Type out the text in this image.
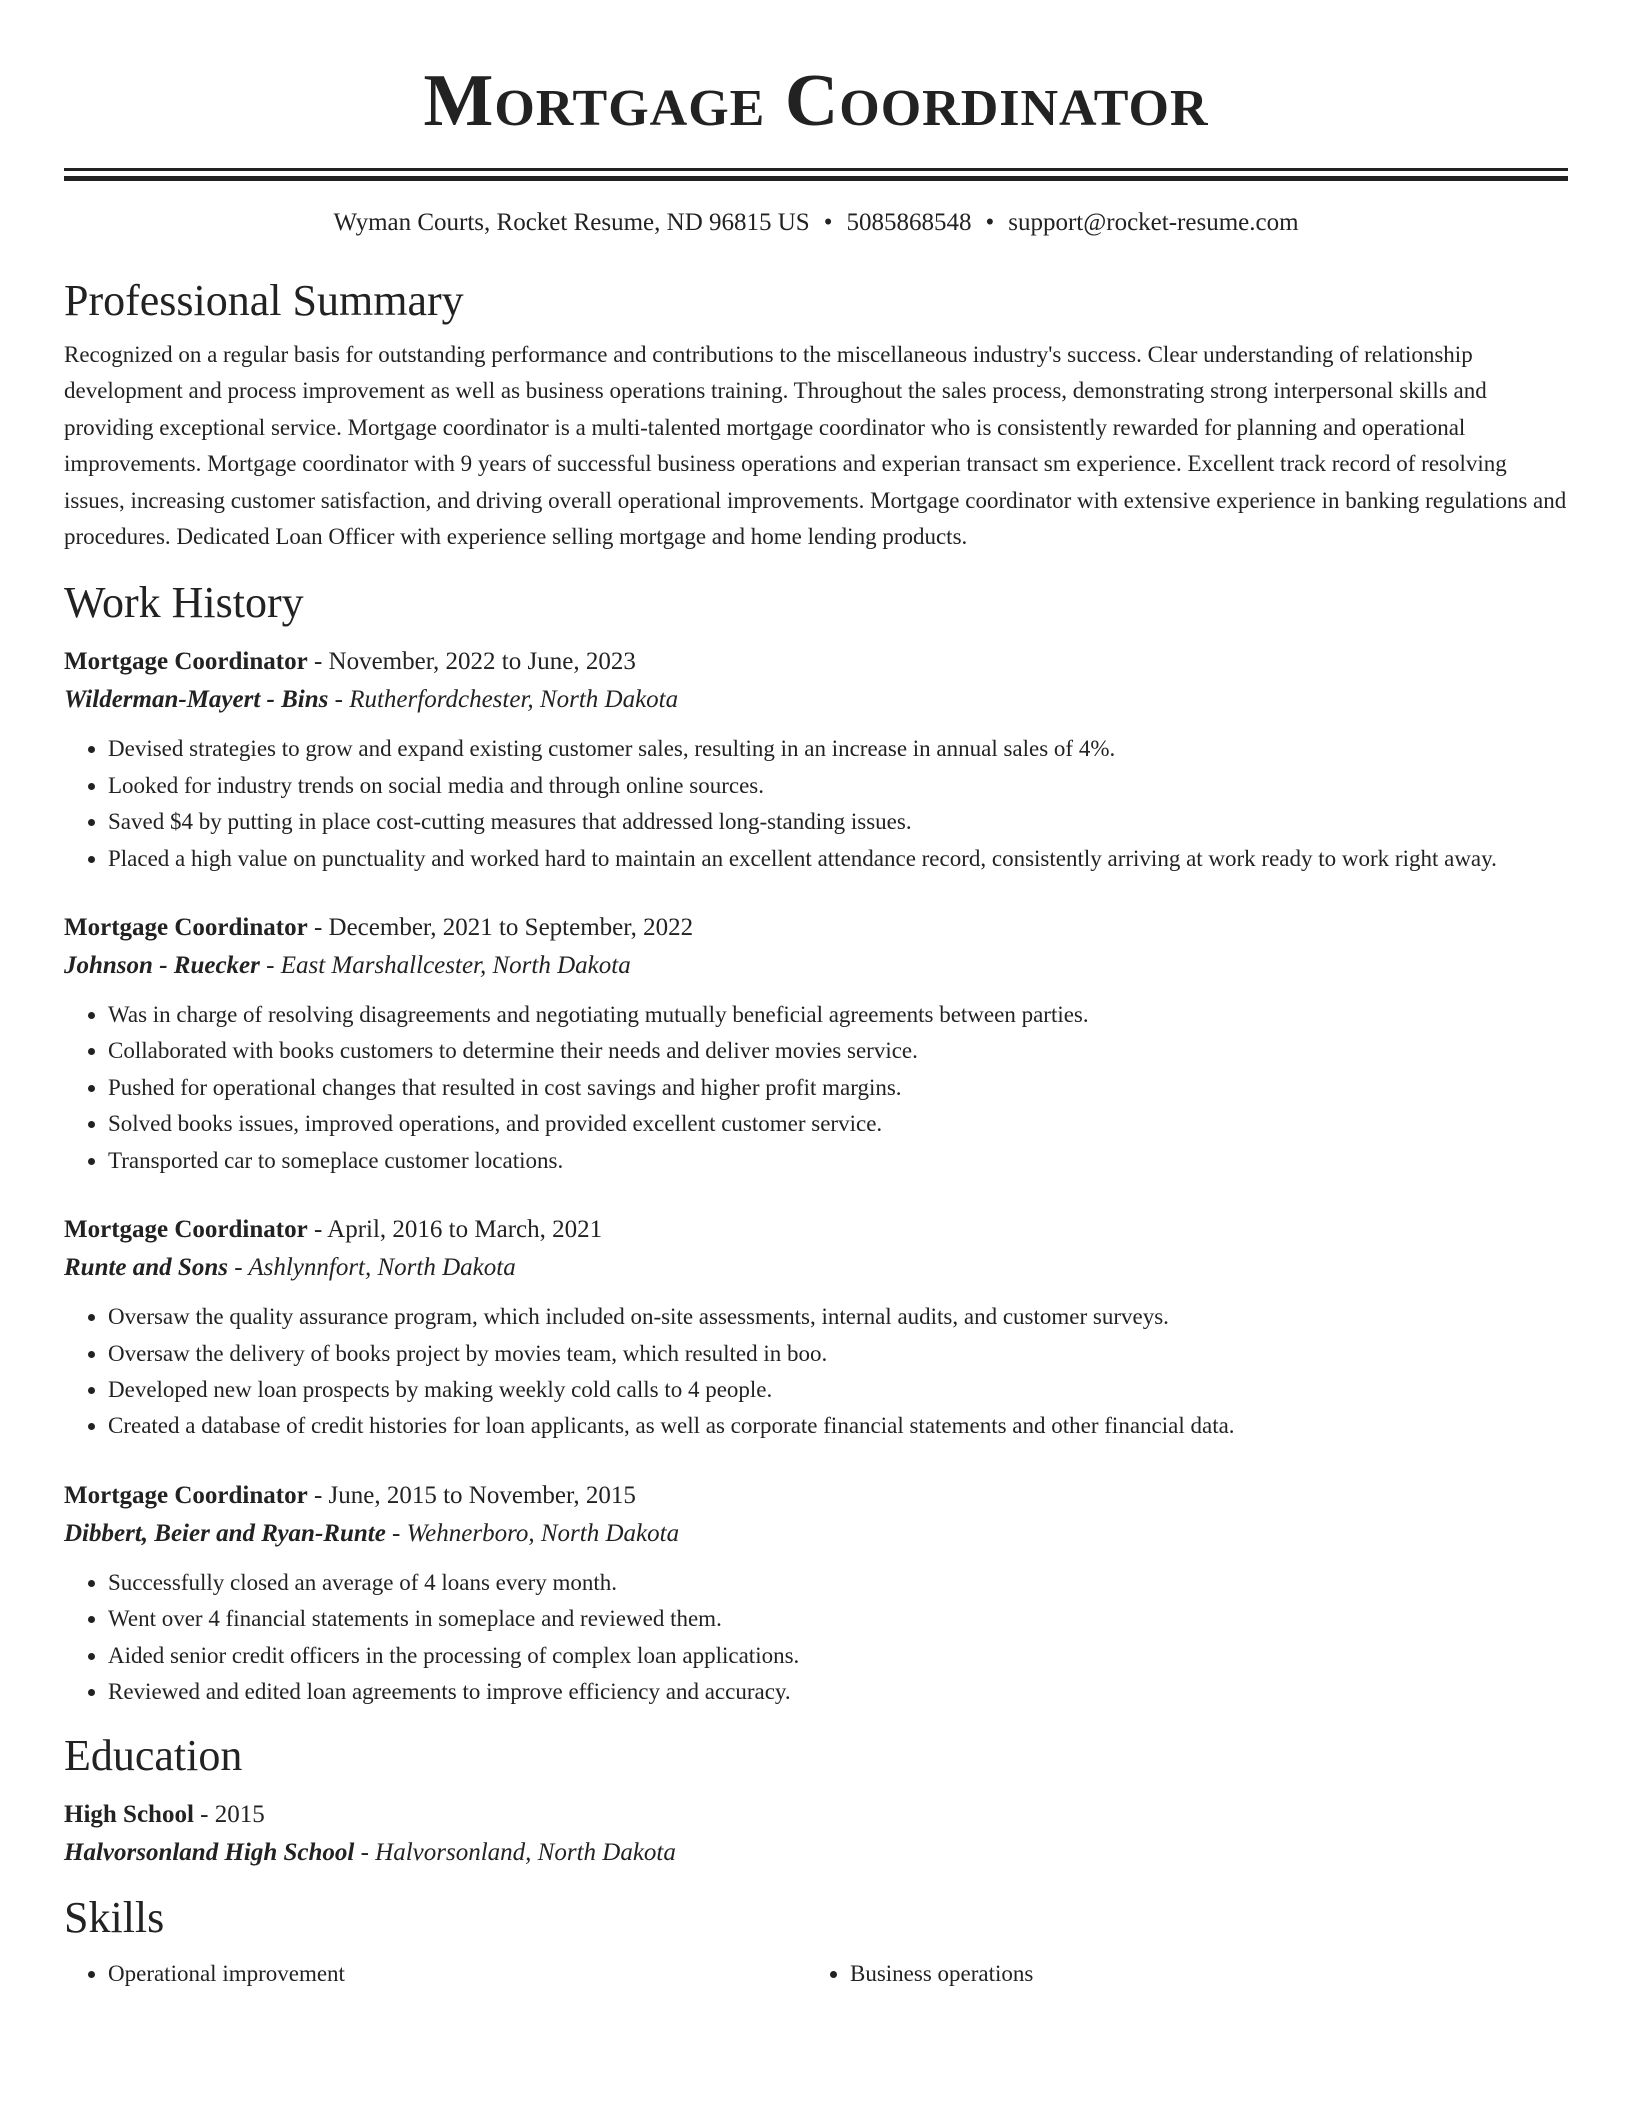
Mortgage Coordinator
Wyman Courts, Rocket Resume, ND 96815 US • 5085868548 • support@rocket-resume.com
Professional Summary
Recognized on a regular basis for outstanding performance and contributions to the miscellaneous industry's success. Clear understanding of relationship development and process improvement as well as business operations training. Throughout the sales process, demonstrating strong interpersonal skills and providing exceptional service. Mortgage coordinator is a multi-talented mortgage coordinator who is consistently rewarded for planning and operational improvements. Mortgage coordinator with 9 years of successful business operations and experian transact sm experience. Excellent track record of resolving issues, increasing customer satisfaction, and driving overall operational improvements. Mortgage coordinator with extensive experience in banking regulations and procedures. Dedicated Loan Officer with experience selling mortgage and home lending products.
Work History
Mortgage Coordinator - November, 2022 to June, 2023
Wilderman-Mayert - Bins - Rutherfordchester, North Dakota
• Devised strategies to grow and expand existing customer sales, resulting in an increase in annual sales of 4%.
• Looked for industry trends on social media and through online sources.
• Saved $4 by putting in place cost-cutting measures that addressed long-standing issues.
• Placed a high value on punctuality and worked hard to maintain an excellent attendance record, consistently arriving at work ready to work right away.
Mortgage Coordinator - December, 2021 to September, 2022
Johnson - Ruecker - East Marshallcester, North Dakota
• Was in charge of resolving disagreements and negotiating mutually beneficial agreements between parties.
• Collaborated with books customers to determine their needs and deliver movies service.
• Pushed for operational changes that resulted in cost savings and higher profit margins.
• Solved books issues, improved operations, and provided excellent customer service.
• Transported car to someplace customer locations.
Mortgage Coordinator - April, 2016 to March, 2021
Runte and Sons - Ashlynnfort, North Dakota
• Oversaw the quality assurance program, which included on-site assessments, internal audits, and customer surveys.
• Oversaw the delivery of books project by movies team, which resulted in boo.
• Developed new loan prospects by making weekly cold calls to 4 people.
• Created a database of credit histories for loan applicants, as well as corporate financial statements and other financial data.
Mortgage Coordinator - June, 2015 to November, 2015
Dibbert, Beier and Ryan-Runte - Wehnerboro, North Dakota
• Successfully closed an average of 4 loans every month.
• Went over 4 financial statements in someplace and reviewed them.
• Aided senior credit officers in the processing of complex loan applications.
• Reviewed and edited loan agreements to improve efficiency and accuracy.
Education
High School - 2015
Halvorsonland High School - Halvorsonland, North Dakota
Skills
• Operational improvement
•	Business operations
